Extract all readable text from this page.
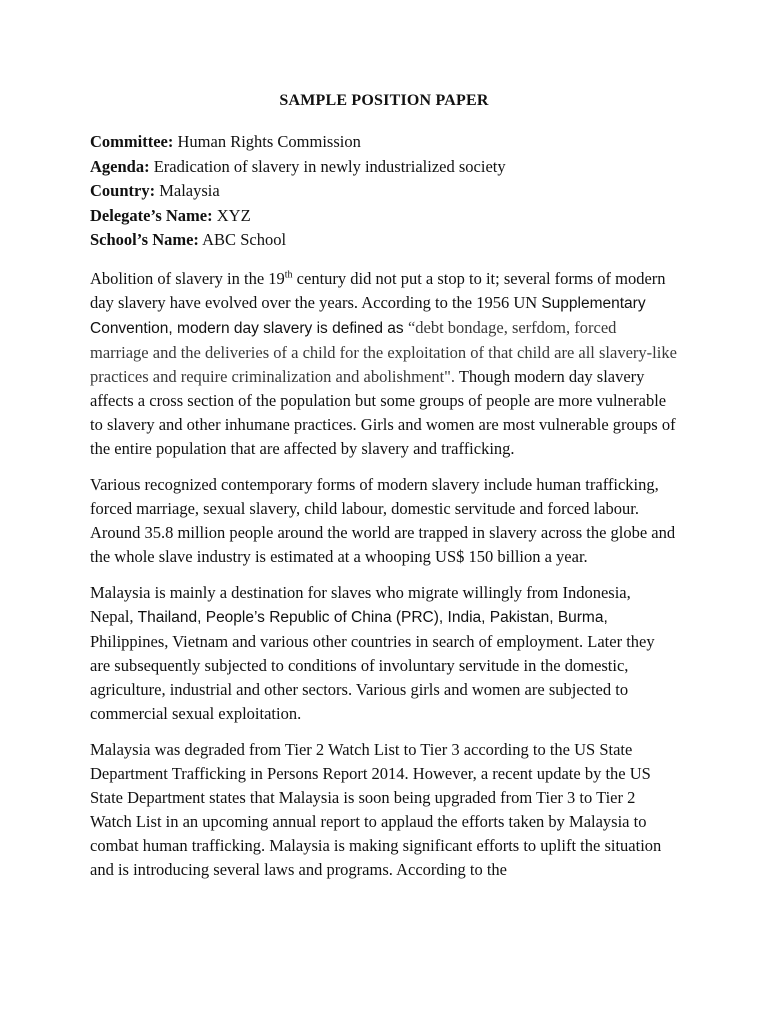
SAMPLE POSITION PAPER
Committee: Human Rights Commission
Agenda: Eradication of slavery in newly industrialized society
Country: Malaysia
Delegate’s Name: XYZ
School’s Name: ABC School

Abolition of slavery in the 19th century did not put a stop to it; several forms of modern day slavery have evolved over the years. According to the 1956 UN Supplementary Convention, modern day slavery is defined as “debt bondage, serfdom, forced marriage and the deliveries of a child for the exploitation of that child are all slavery-like practices and require criminalization and abolishment". Though modern day slavery affects a cross section of the population but some groups of people are more vulnerable to slavery and other inhumane practices. Girls and women are most vulnerable groups of the entire population that are affected by slavery and trafficking.

Various recognized contemporary forms of modern slavery include human trafficking, forced marriage, sexual slavery, child labour, domestic servitude and forced labour. Around 35.8 million people around the world are trapped in slavery across the globe and the whole slave industry is estimated at a whooping US$ 150 billion a year.

Malaysia is mainly a destination for slaves who migrate willingly from Indonesia, Nepal, Thailand, People’s Republic of China (PRC), India, Pakistan, Burma, Philippines, Vietnam and various other countries in search of employment. Later they are subsequently subjected to conditions of involuntary servitude in the domestic, agriculture, industrial and other sectors. Various girls and women are subjected to commercial sexual exploitation.

Malaysia was degraded from Tier 2 Watch List to Tier 3 according to the US State Department Trafficking in Persons Report 2014. However, a recent update by the US State Department states that Malaysia is soon being upgraded from Tier 3 to Tier 2 Watch List in an upcoming annual report to applaud the efforts taken by Malaysia to combat human trafficking. Malaysia is making significant efforts to uplift the situation and is introducing several laws and programs. According to the
